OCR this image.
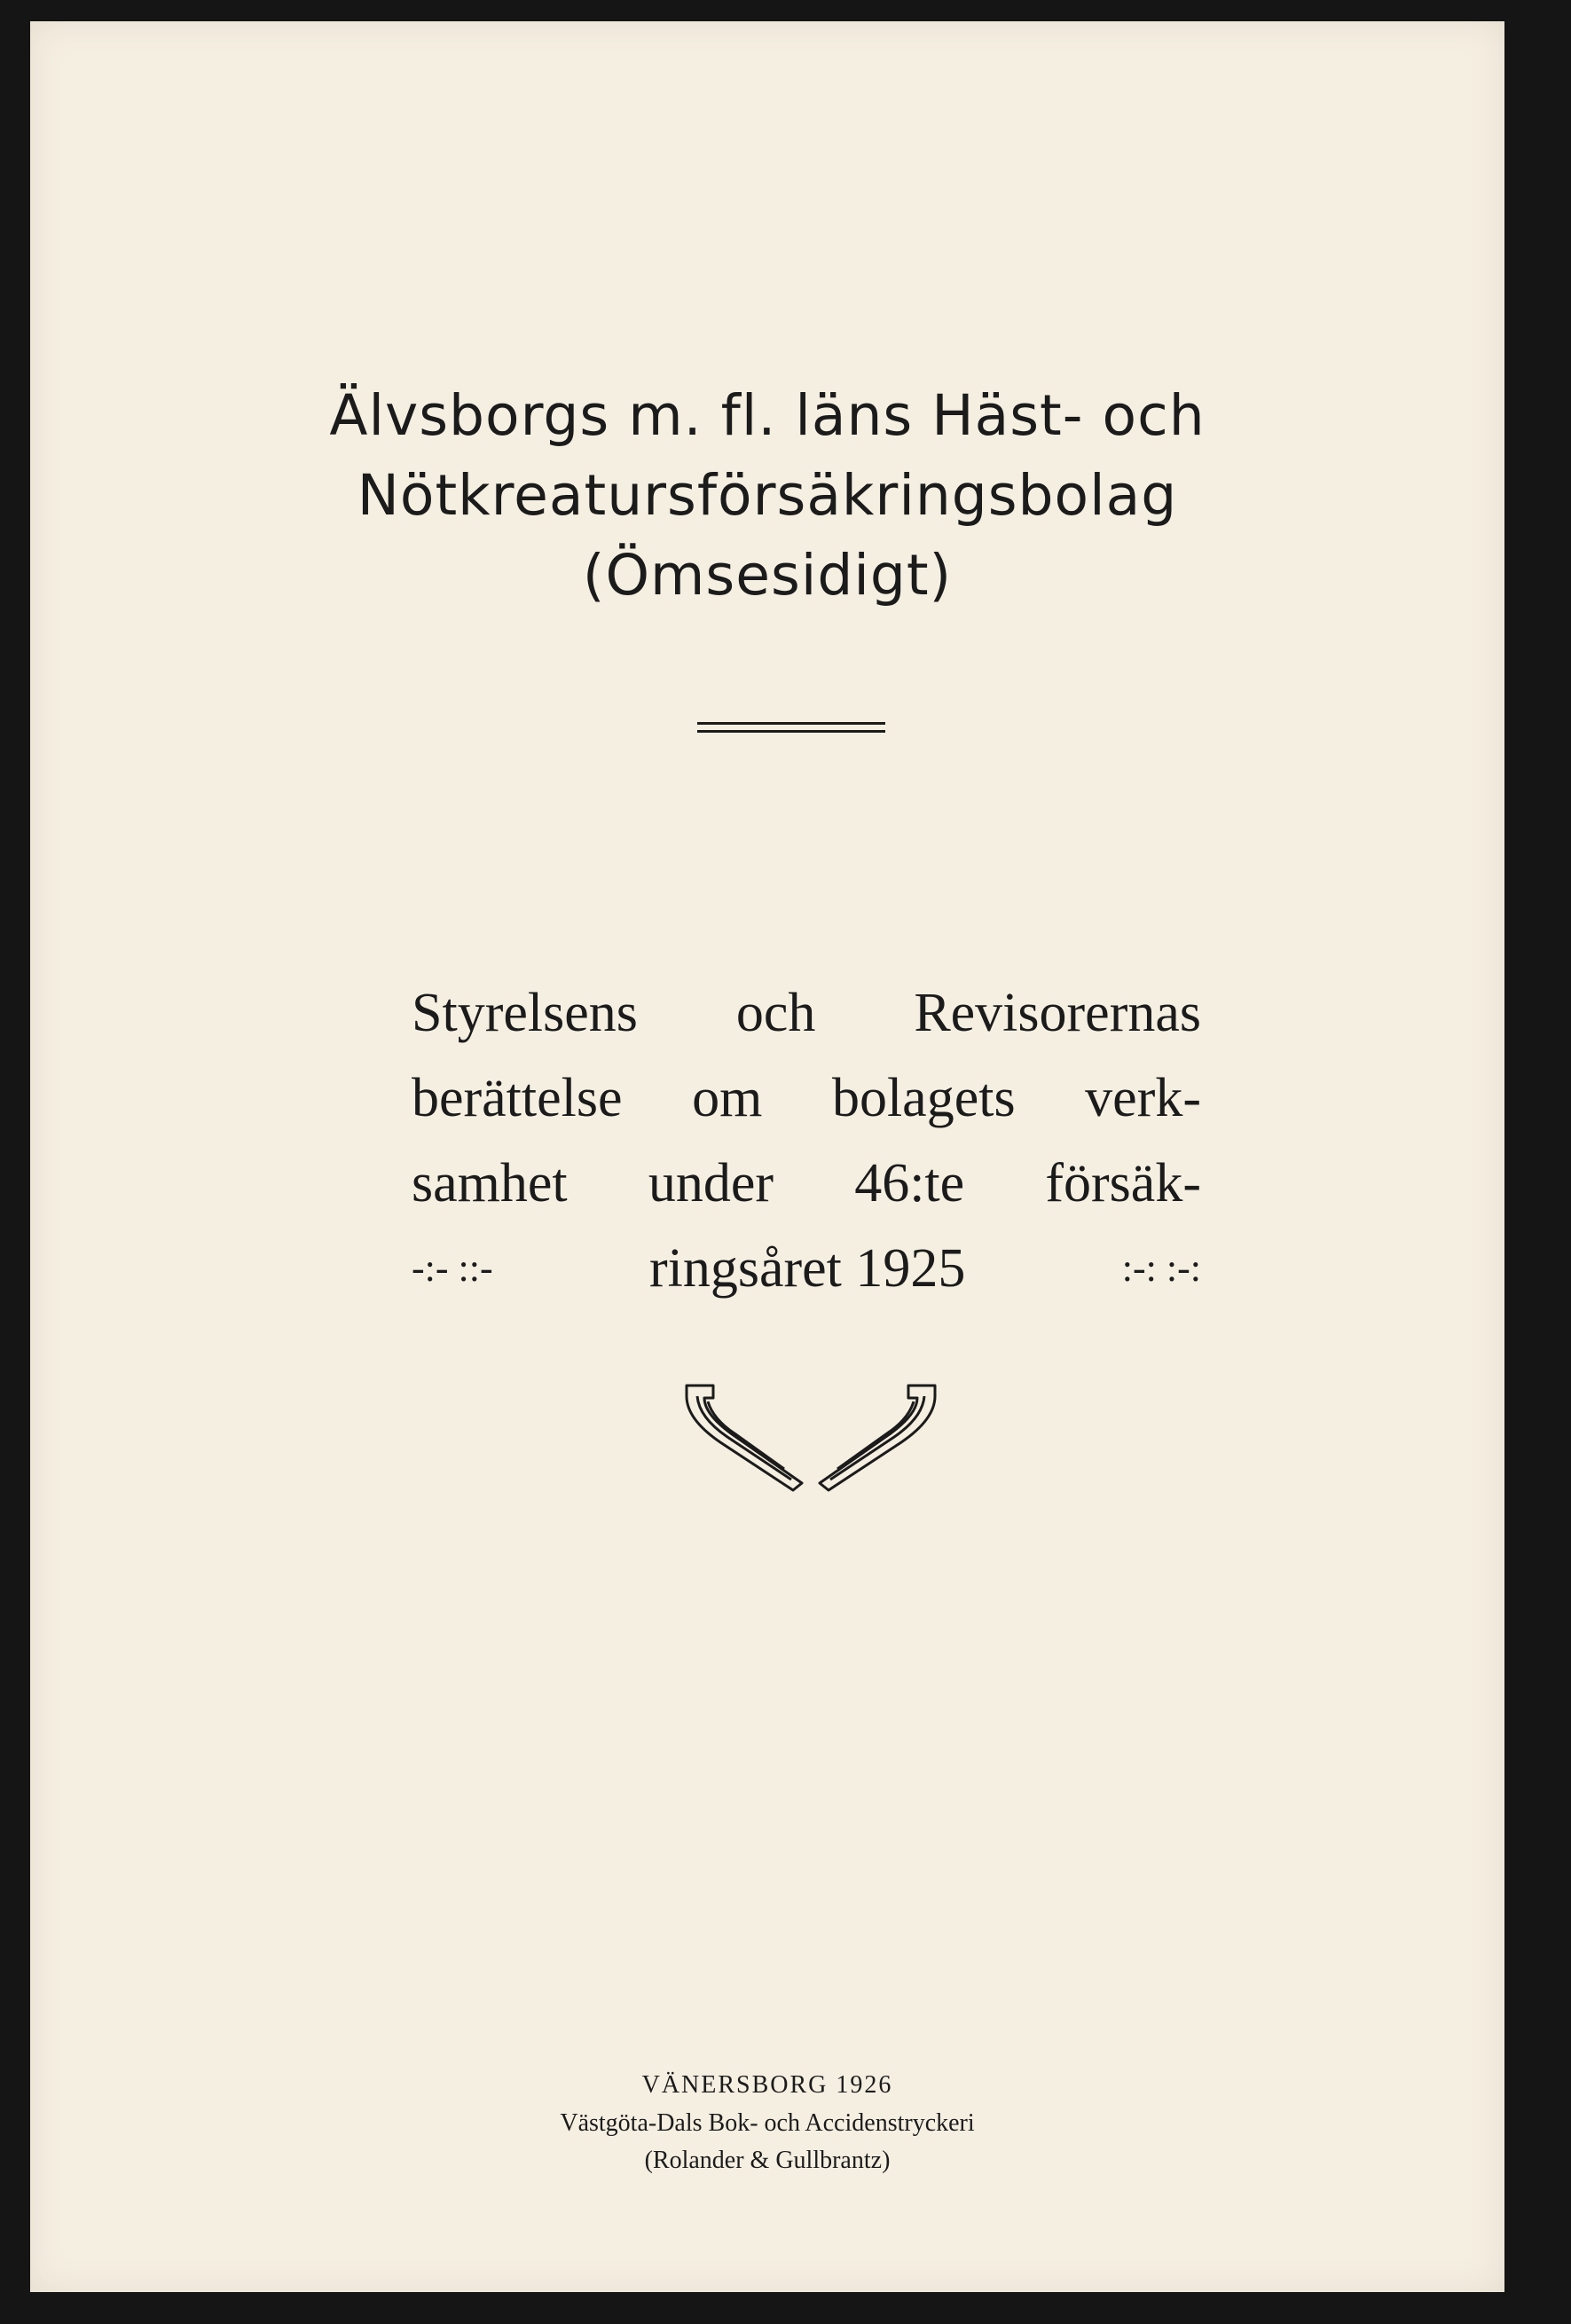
Älvsborgs m. fl. läns Häst- och
Nötkreatursförsäkringsbolag
(Ömsesidigt)
Styrelsens och Revisorernas
berättelse om bolagets verk-
samhet under 46:te försäk-
-:- ::-	ringsåret 1925	:-: :-:
VÄNERSBORG 1926
Västgöta-Dals Bok- och Accidenstryckeri
(Rolander & Gullbrantz)
